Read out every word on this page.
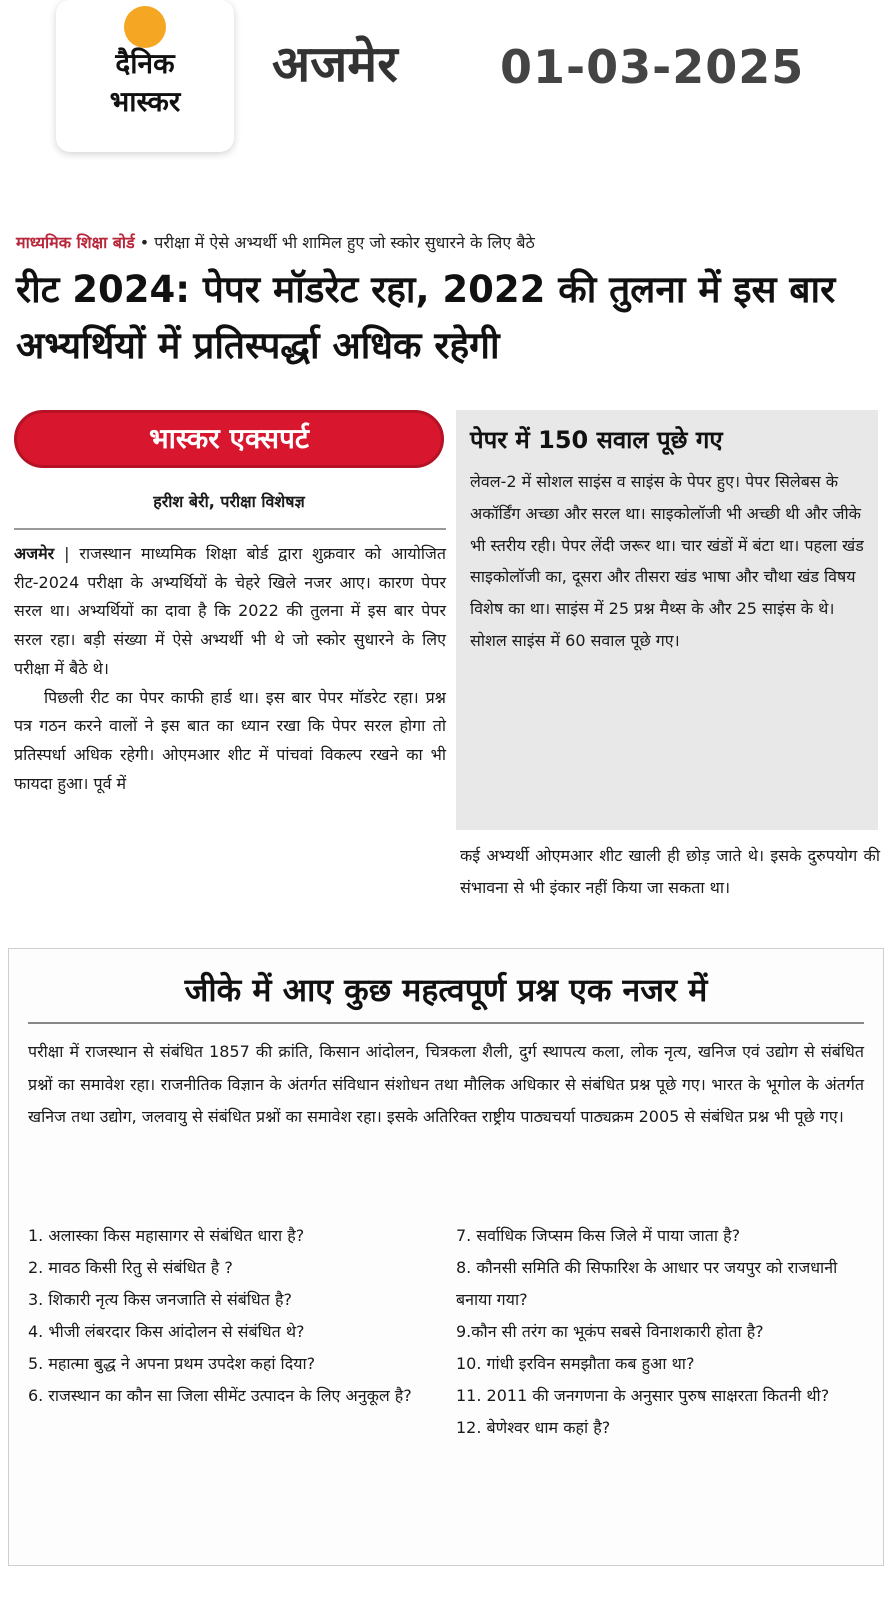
दैनिक
भास्कर
अजमेर 01-03-2025
माध्यमिक शिक्षा बोर्ड • परीक्षा में ऐसे अभ्यर्थी भी शामिल हुए जो स्कोर सुधारने के लिए बैठे
रीट 2024: पेपर मॉडरेट रहा, 2022 की तुलना में इस बार अभ्यर्थियों में प्रतिस्पर्द्धा अधिक रहेगी
भास्कर एक्सपर्ट
हरीश बेरी, परीक्षा विशेषज्ञ

अजमेर | राजस्थान माध्यमिक शिक्षा बोर्ड द्वारा शुक्रवार को आयोजित रीट-2024 परीक्षा के अभ्यर्थियों के चेहरे खिले नजर आए। कारण पेपर सरल था। अभ्यर्थियों का दावा है कि 2022 की तुलना में इस बार पेपर सरल रहा। बड़ी संख्या में ऐसे अभ्यर्थी भी थे जो स्कोर सुधारने के लिए परीक्षा में बैठे थे।

पिछली रीट का पेपर काफी हार्ड था। इस बार पेपर मॉडरेट रहा। प्रश्न पत्र गठन करने वालों ने इस बात का ध्यान रखा कि पेपर सरल होगा तो प्रतिस्पर्धा अधिक रहेगी। ओएमआर शीट में पांचवां विकल्प रखने का भी फायदा हुआ। पूर्व में

पेपर में 150 सवाल पूछे गए

लेवल-2 में सोशल साइंस व साइंस के पेपर हुए। पेपर सिलेबस के अकॉर्डिंग अच्छा और सरल था। साइकोलॉजी भी अच्छी थी और जीके भी स्तरीय रही। पेपर लेंदी जरूर था। चार खंडों में बंटा था। पहला खंड साइकोलॉजी का, दूसरा और तीसरा खंड भाषा और चौथा खंड विषय विशेष का था। साइंस में 25 प्रश्न मैथ्स के और 25 साइंस के थे। सोशल साइंस में 60 सवाल पूछे गए।

कई अभ्यर्थी ओएमआर शीट खाली ही छोड़ जाते थे। इसके दुरुपयोग की संभावना से भी इंकार नहीं किया जा सकता था।
जीके में आए कुछ महत्वपूर्ण प्रश्न एक नजर में
परीक्षा में राजस्थान से संबंधित 1857 की क्रांति, किसान आंदोलन, चित्रकला शैली, दुर्ग स्थापत्य कला, लोक नृत्य, खनिज एवं उद्योग से संबंधित प्रश्नों का समावेश रहा। राजनीतिक विज्ञान के अंतर्गत संविधान संशोधन तथा मौलिक अधिकार से संबंधित प्रश्न पूछे गए। भारत के भूगोल के अंतर्गत खनिज तथा उद्योग, जलवायु से संबंधित प्रश्नों का समावेश रहा। इसके अतिरिक्त राष्ट्रीय पाठ्यचर्या पाठ्यक्रम 2005 से संबंधित प्रश्न भी पूछे गए।

1. अलास्का किस महासागर से संबंधित धारा है?

2. मावठ किसी रितु से संबंधित है ?

3. शिकारी नृत्य किस जनजाति से संबंधित है?

4. भीजी लंबरदार किस आंदोलन से संबंधित थे?

5. महात्मा बुद्ध ने अपना प्रथम उपदेश कहां दिया?

6. राजस्थान का कौन सा जिला सीमेंट उत्पादन के लिए अनुकूल है?

7. सर्वाधिक जिप्सम किस जिले में पाया जाता है?

8. कौनसी समिति की सिफारिश के आधार पर जयपुर को राजधानी बनाया गया?

9.कौन सी तरंग का भूकंप सबसे विनाशकारी होता है?

10. गांधी इरविन समझौता कब हुआ था?

11. 2011 की जनगणना के अनुसार पुरुष साक्षरता कितनी थी?

12. बेणेश्वर धाम कहां है?
